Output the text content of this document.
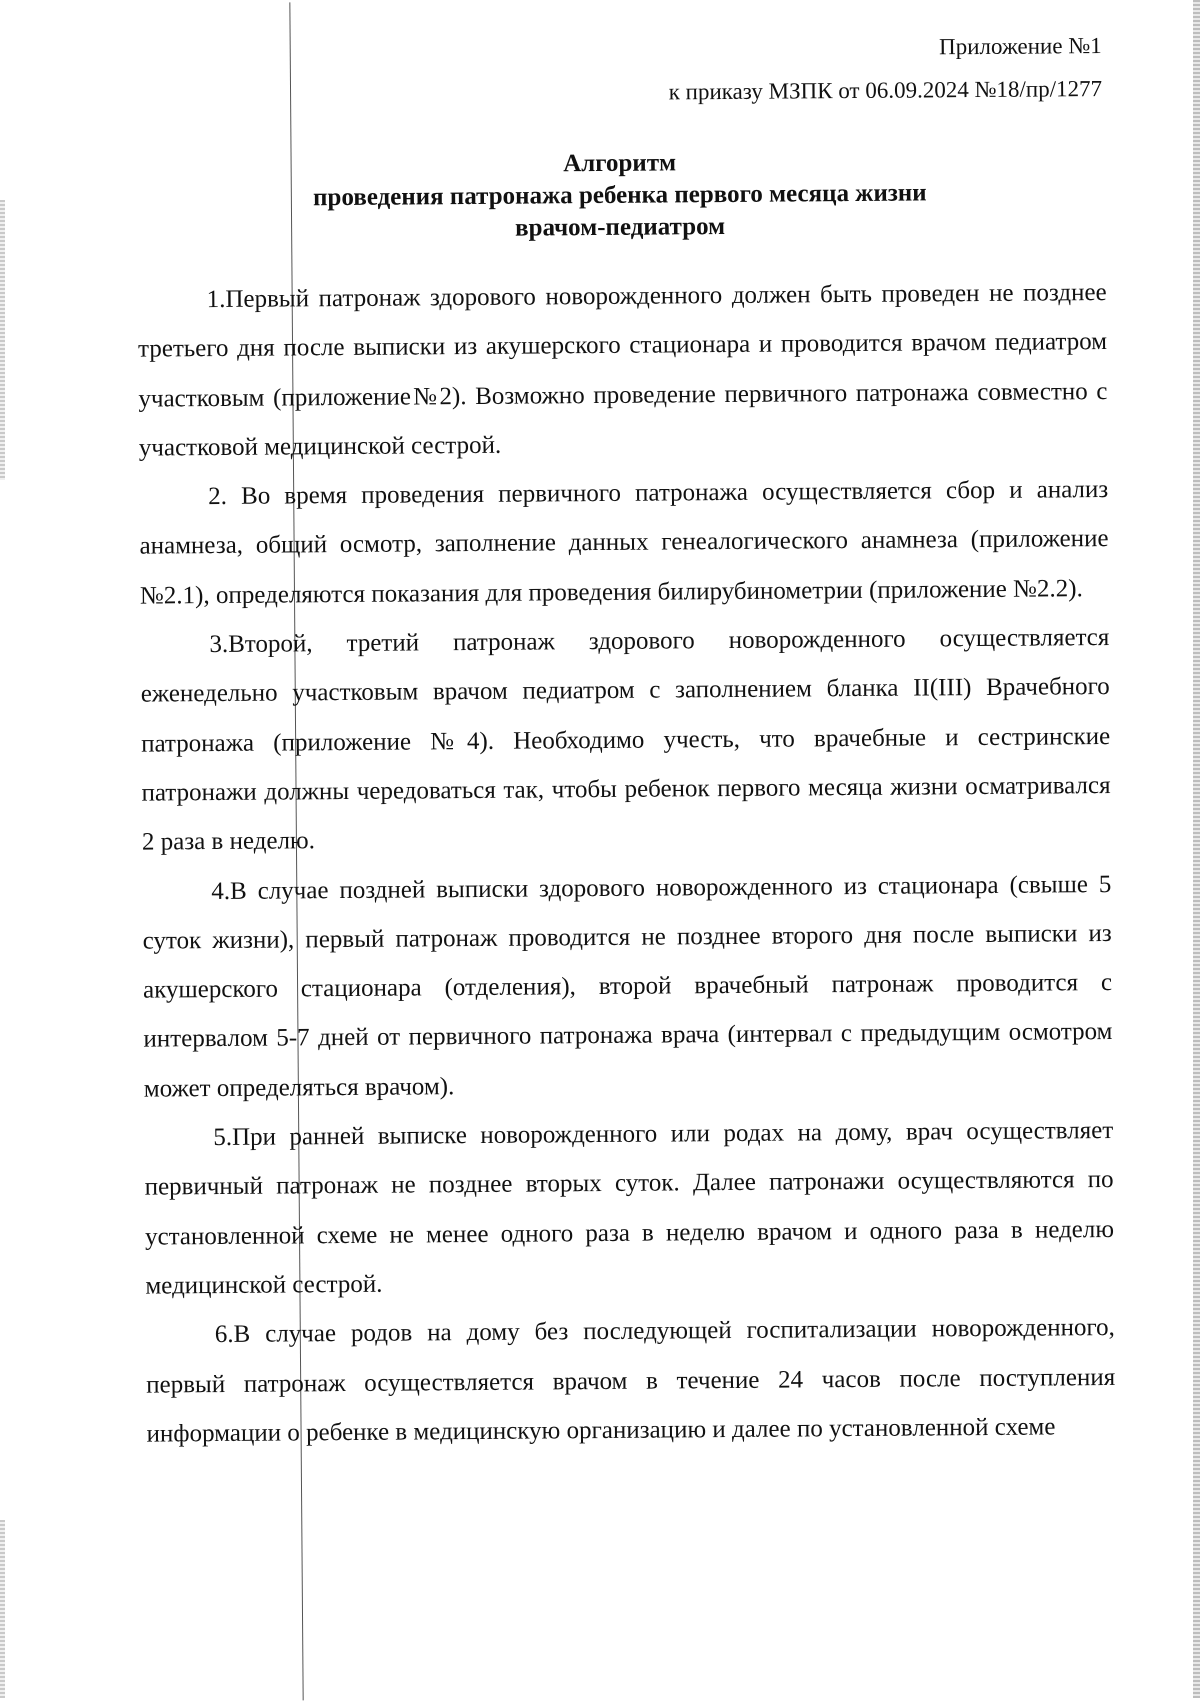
Приложение №1
к приказу МЗПК от 06.09.2024 №18/пр/1277
Алгоритм
проведения патронажа ребенка первого месяца жизни
врачом-педиатром

1.Первый патронаж здорового новорожденного должен быть проведен не позднее третьего дня после выписки из акушерского стационара и проводится врачом педиатром участковым (приложение№2). Возможно проведение первичного патронажа совместно с участковой медицинской сестрой.

2. Во время проведения первичного патронажа осуществляется сбор и анализ анамнеза, общий осмотр, заполнение данных генеалогического анамнеза (приложение №2.1), определяются показания для проведения билирубинометрии (приложение №2.2).

3.Второй, третий патронаж здорового новорожденного осуществляется еженедельно участковым врачом педиатром с заполнением бланка II(III) Врачебного патронажа (приложение №4). Необходимо учесть, что врачебные и сестринские патронажи должны чередоваться так, чтобы ребенок первого месяца жизни осматривался 2 раза в неделю.

4.В случае поздней выписки здорового новорожденного из стационара (свыше 5 суток жизни), первый патронаж проводится не позднее второго дня после выписки из акушерского стационара (отделения), второй врачебный патронаж проводится с интервалом 5-7 дней от первичного патронажа врача (интервал с предыдущим осмотром может определяться врачом).

5.При ранней выписке новорожденного или родах на дому, врач осуществляет первичный патронаж не позднее вторых суток. Далее патронажи осуществляются по установленной схеме не менее одного раза в неделю врачом и одного раза в неделю медицинской сестрой.

6.В случае родов на дому без последующей госпитализации новорожденного, первый патронаж осуществляется врачом в течение 24 часов после поступления информации о ребенке в медицинскую организацию и далее по установленной схеме
